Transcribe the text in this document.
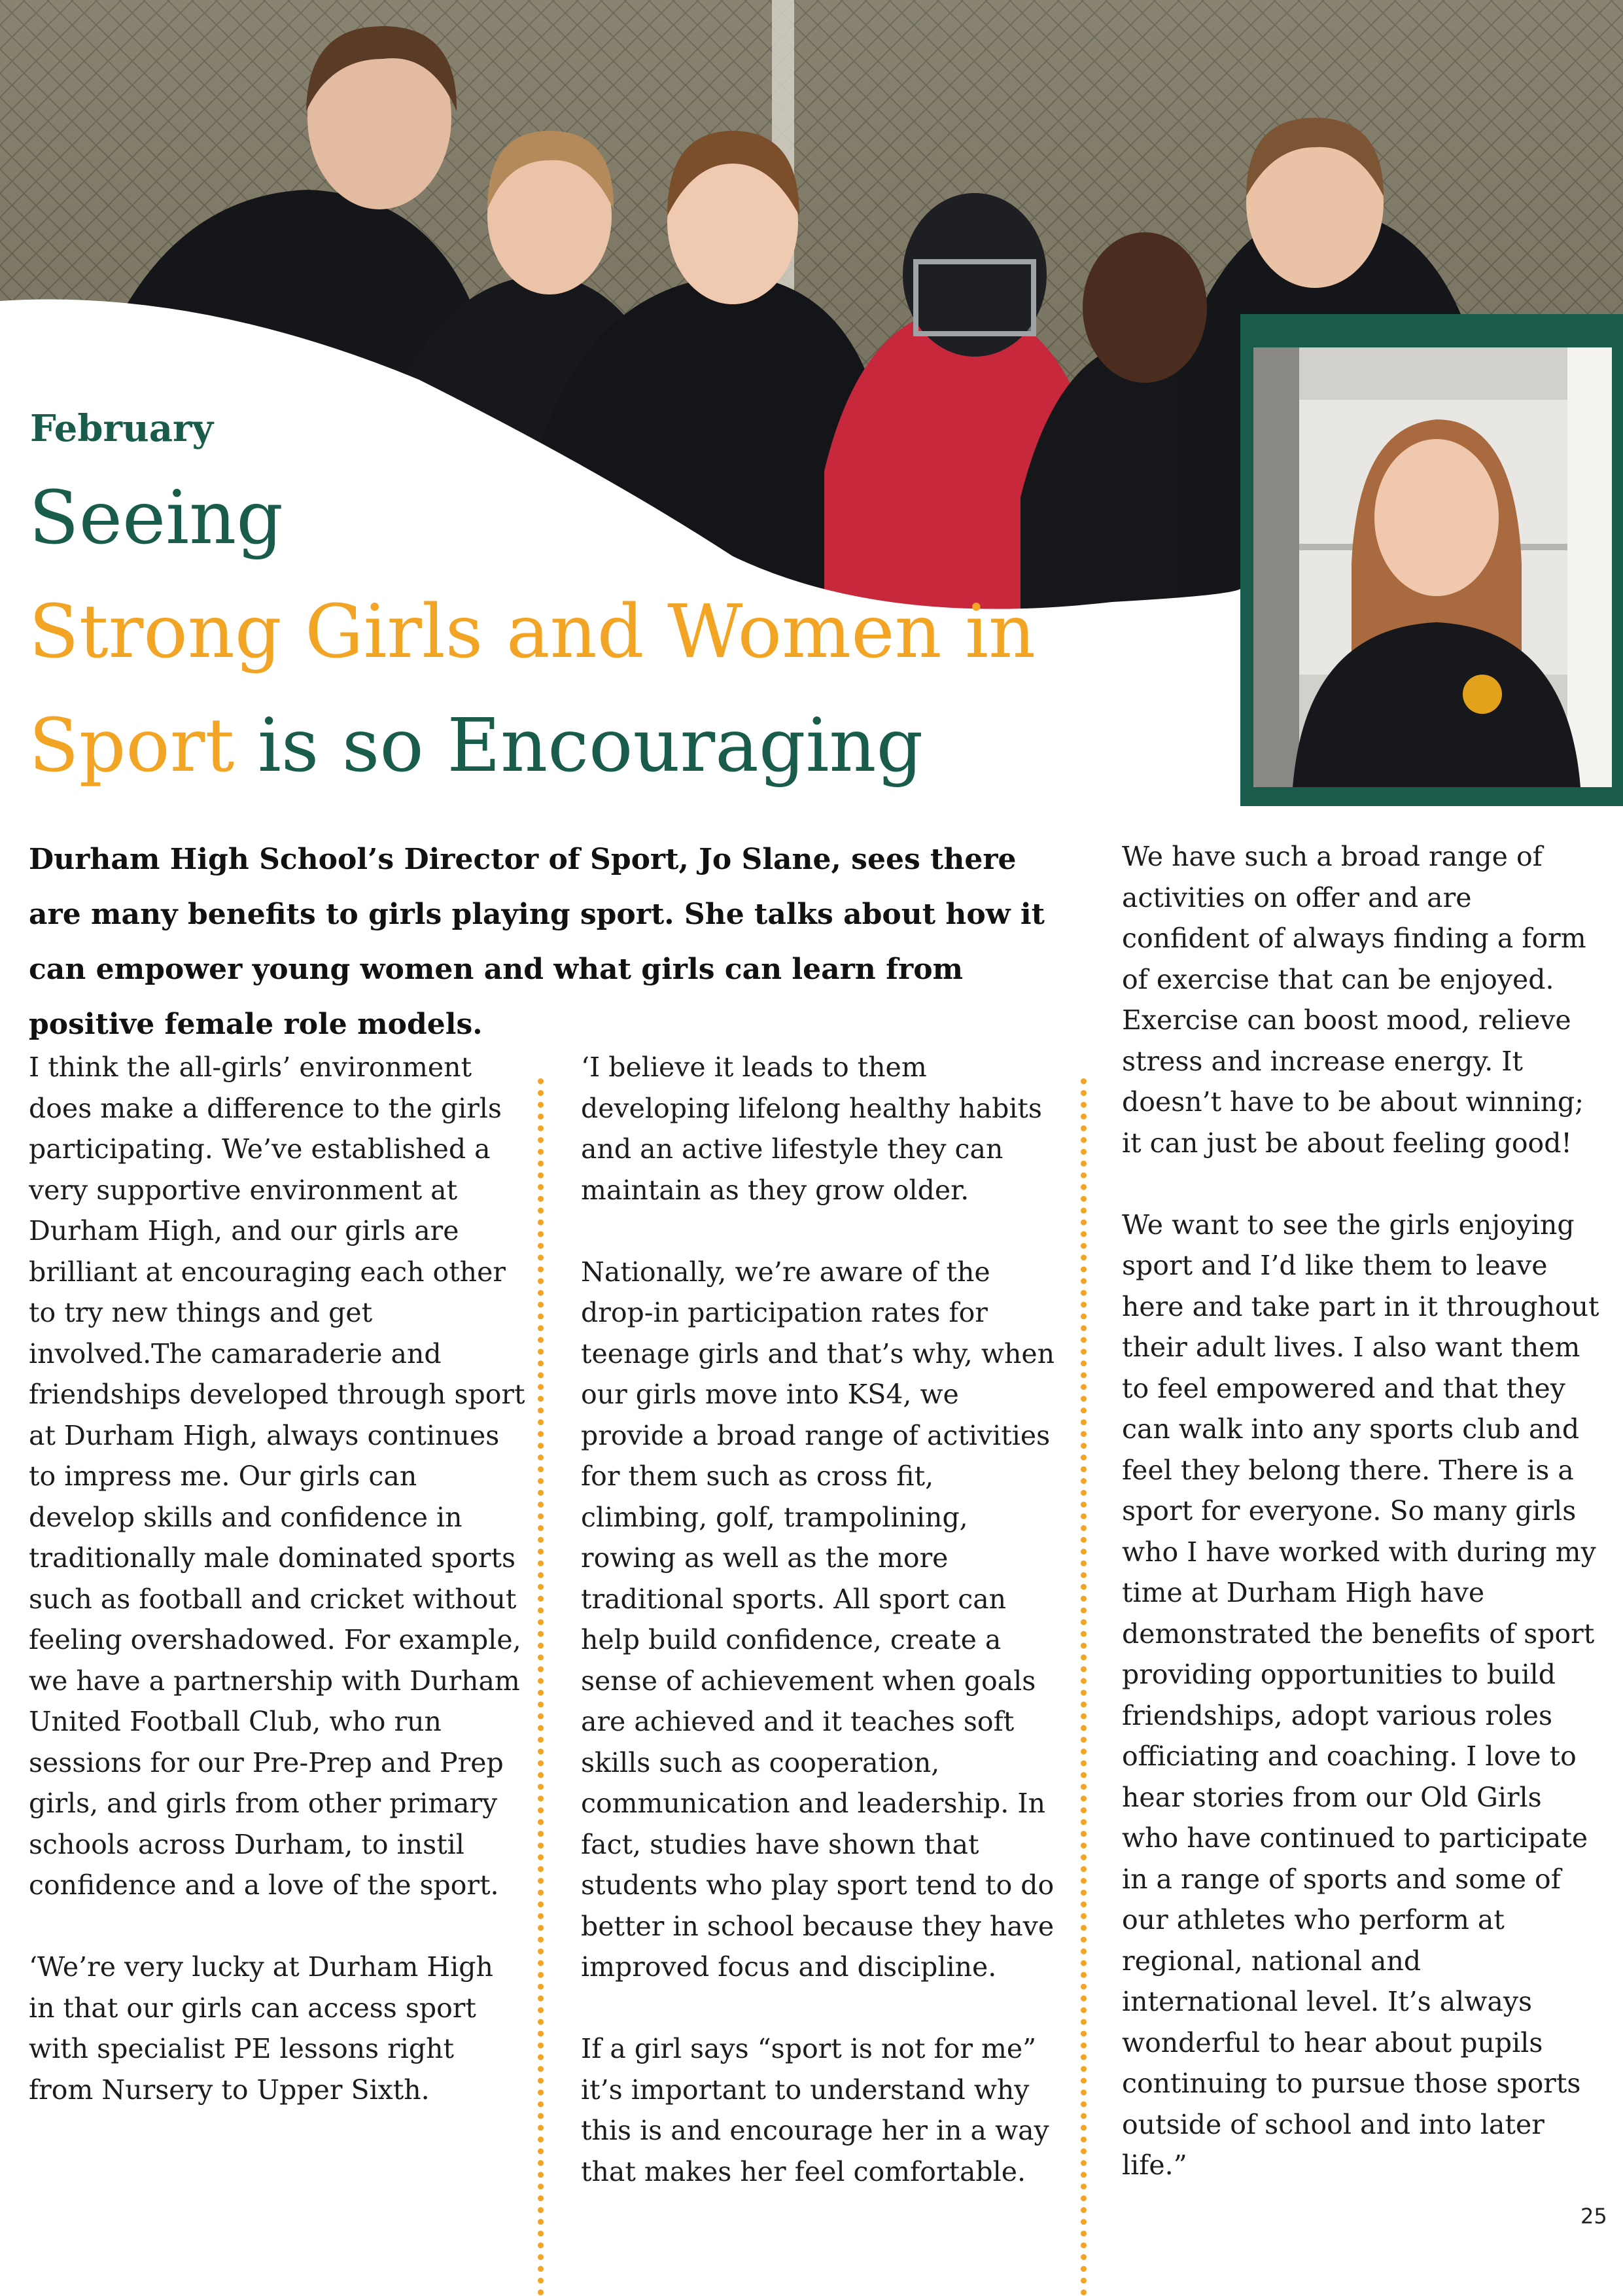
February
Seeing
Strong Girls and Women in
Sport is so Encouraging

Durham High School’s Director of Sport, Jo Slane, sees there are many benefits to girls playing sport. She talks about how it can empower young women and what girls can learn from positive female role models.

I think the all-girls’ environment does make a difference to the girls participating. We’ve established a very supportive environment at Durham High, and our girls are brilliant at encouraging each other to try new things and get involved.The camaraderie and friendships developed through sport at Durham High, always continues to impress me. Our girls can develop skills and confidence in traditionally male dominated sports such as football and cricket without feeling overshadowed. For example, we have a partnership with Durham United Football Club, who run sessions for our Pre-Prep and Prep girls, and girls from other primary schools across Durham, to instil confidence and a love of the sport.

‘We’re very lucky at Durham High in that our girls can access sport with specialist PE lessons right from Nursery to Upper Sixth.

‘I believe it leads to them developing lifelong healthy habits and an active lifestyle they can maintain as they grow older.

Nationally, we’re aware of the drop-in participation rates for teenage girls and that’s why, when our girls move into KS4, we provide a broad range of activities for them such as cross fit, climbing, golf, trampolining, rowing as well as the more traditional sports. All sport can help build confidence, create a sense of achievement when goals are achieved and it teaches soft skills such as cooperation, communication and leadership. In fact, studies have shown that students who play sport tend to do better in school because they have improved focus and discipline.

If a girl says “sport is not for me” it’s important to understand why this is and encourage her in a way that makes her feel comfortable.

We have such a broad range of activities on offer and are confident of always finding a form of exercise that can be enjoyed. Exercise can boost mood, relieve stress and increase energy. It doesn’t have to be about winning; it can just be about feeling good!

We want to see the girls enjoying sport and I’d like them to leave here and take part in it throughout their adult lives. I also want them to feel empowered and that they can walk into any sports club and feel they belong there. There is a sport for everyone. So many girls who I have worked with during my time at Durham High have demonstrated the benefits of sport providing opportunities to build friendships, adopt various roles officiating and coaching. I love to hear stories from our Old Girls who have continued to participate in a range of sports and some of our athletes who perform at regional, national and international level. It’s always wonderful to hear about pupils continuing to pursue those sports outside of school and into later life.”

25
